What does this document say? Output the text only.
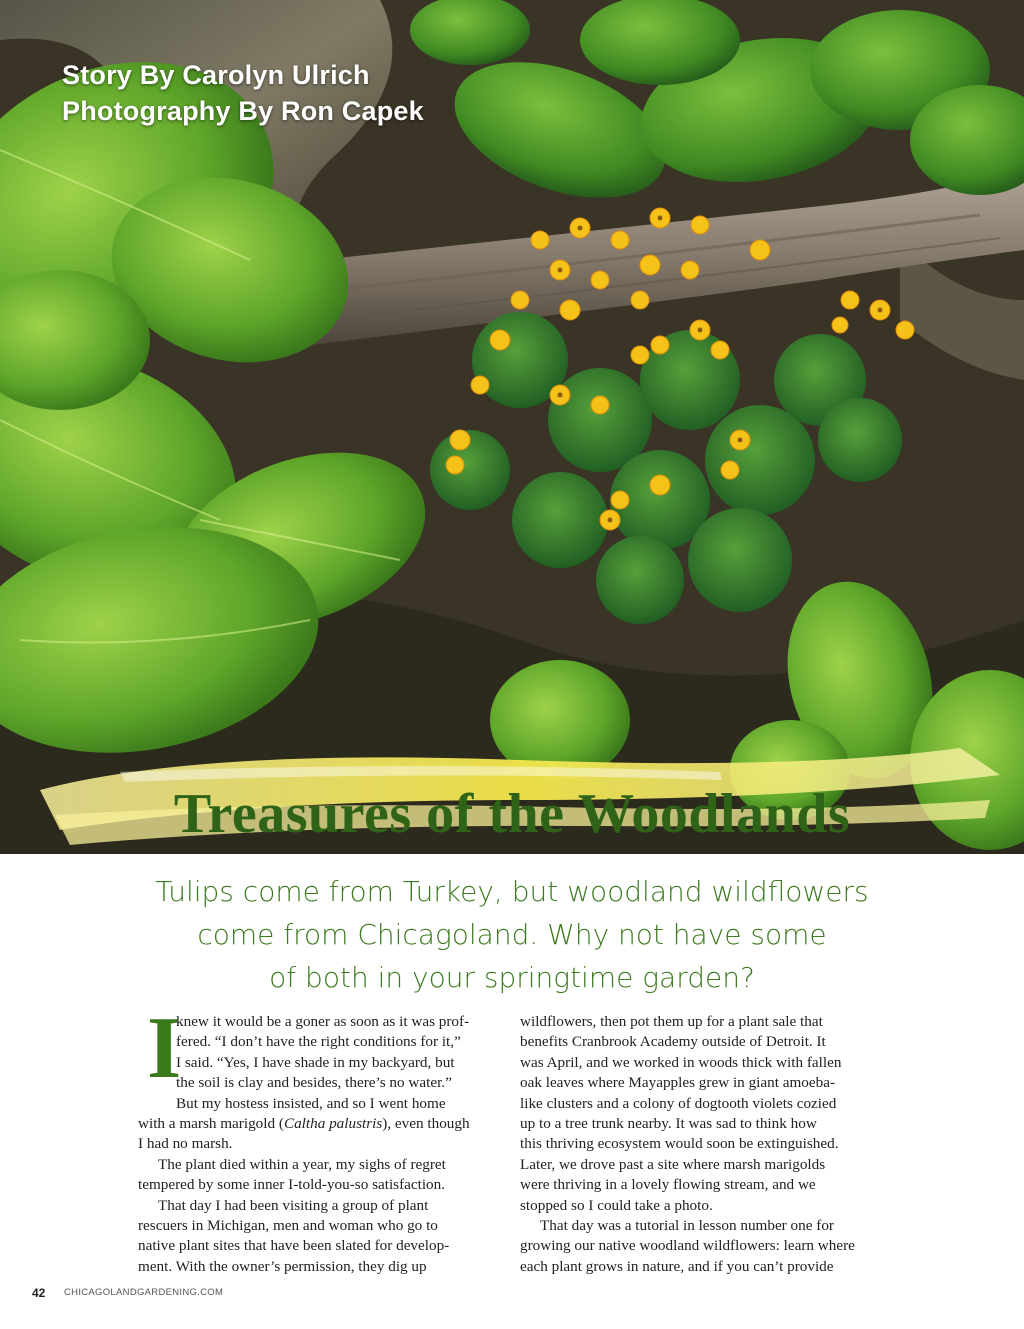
Story By Carolyn Ulrich
Photography By Ron Capek
Treasures of the Woodlands
Tulips come from Turkey, but woodland wildflowers
come from Chicagoland. Why not have some
of both in your springtime garden?
I
knew it would be a goner as soon as it was prof-
fered. “I don’t have the right conditions for it,”
I said. “Yes, I have shade in my backyard, but
the soil is clay and besides, there’s no water.”
But my hostess insisted, and so I went home
with a marsh marigold (Caltha palustris), even though
I had no marsh.
The plant died within a year, my sighs of regret
tempered by some inner I-told-you-so satisfaction.
That day I had been visiting a group of plant
rescuers in Michigan, men and woman who go to
native plant sites that have been slated for develop-
ment. With the owner’s permission, they dig up
wildflowers, then pot them up for a plant sale that
benefits Cranbrook Academy outside of Detroit. It
was April, and we worked in woods thick with fallen
oak leaves where Mayapples grew in giant amoeba-
like clusters and a colony of dogtooth violets cozied
up to a tree trunk nearby. It was sad to think how
this thriving ecosystem would soon be extinguished.
Later, we drove past a site where marsh marigolds
were thriving in a lovely flowing stream, and we
stopped so I could take a photo.
That day was a tutorial in lesson number one for
growing our native woodland wildflowers: learn where
each plant grows in nature, and if you can’t provide
42 CHICAGOLANDGARDENING.COM
